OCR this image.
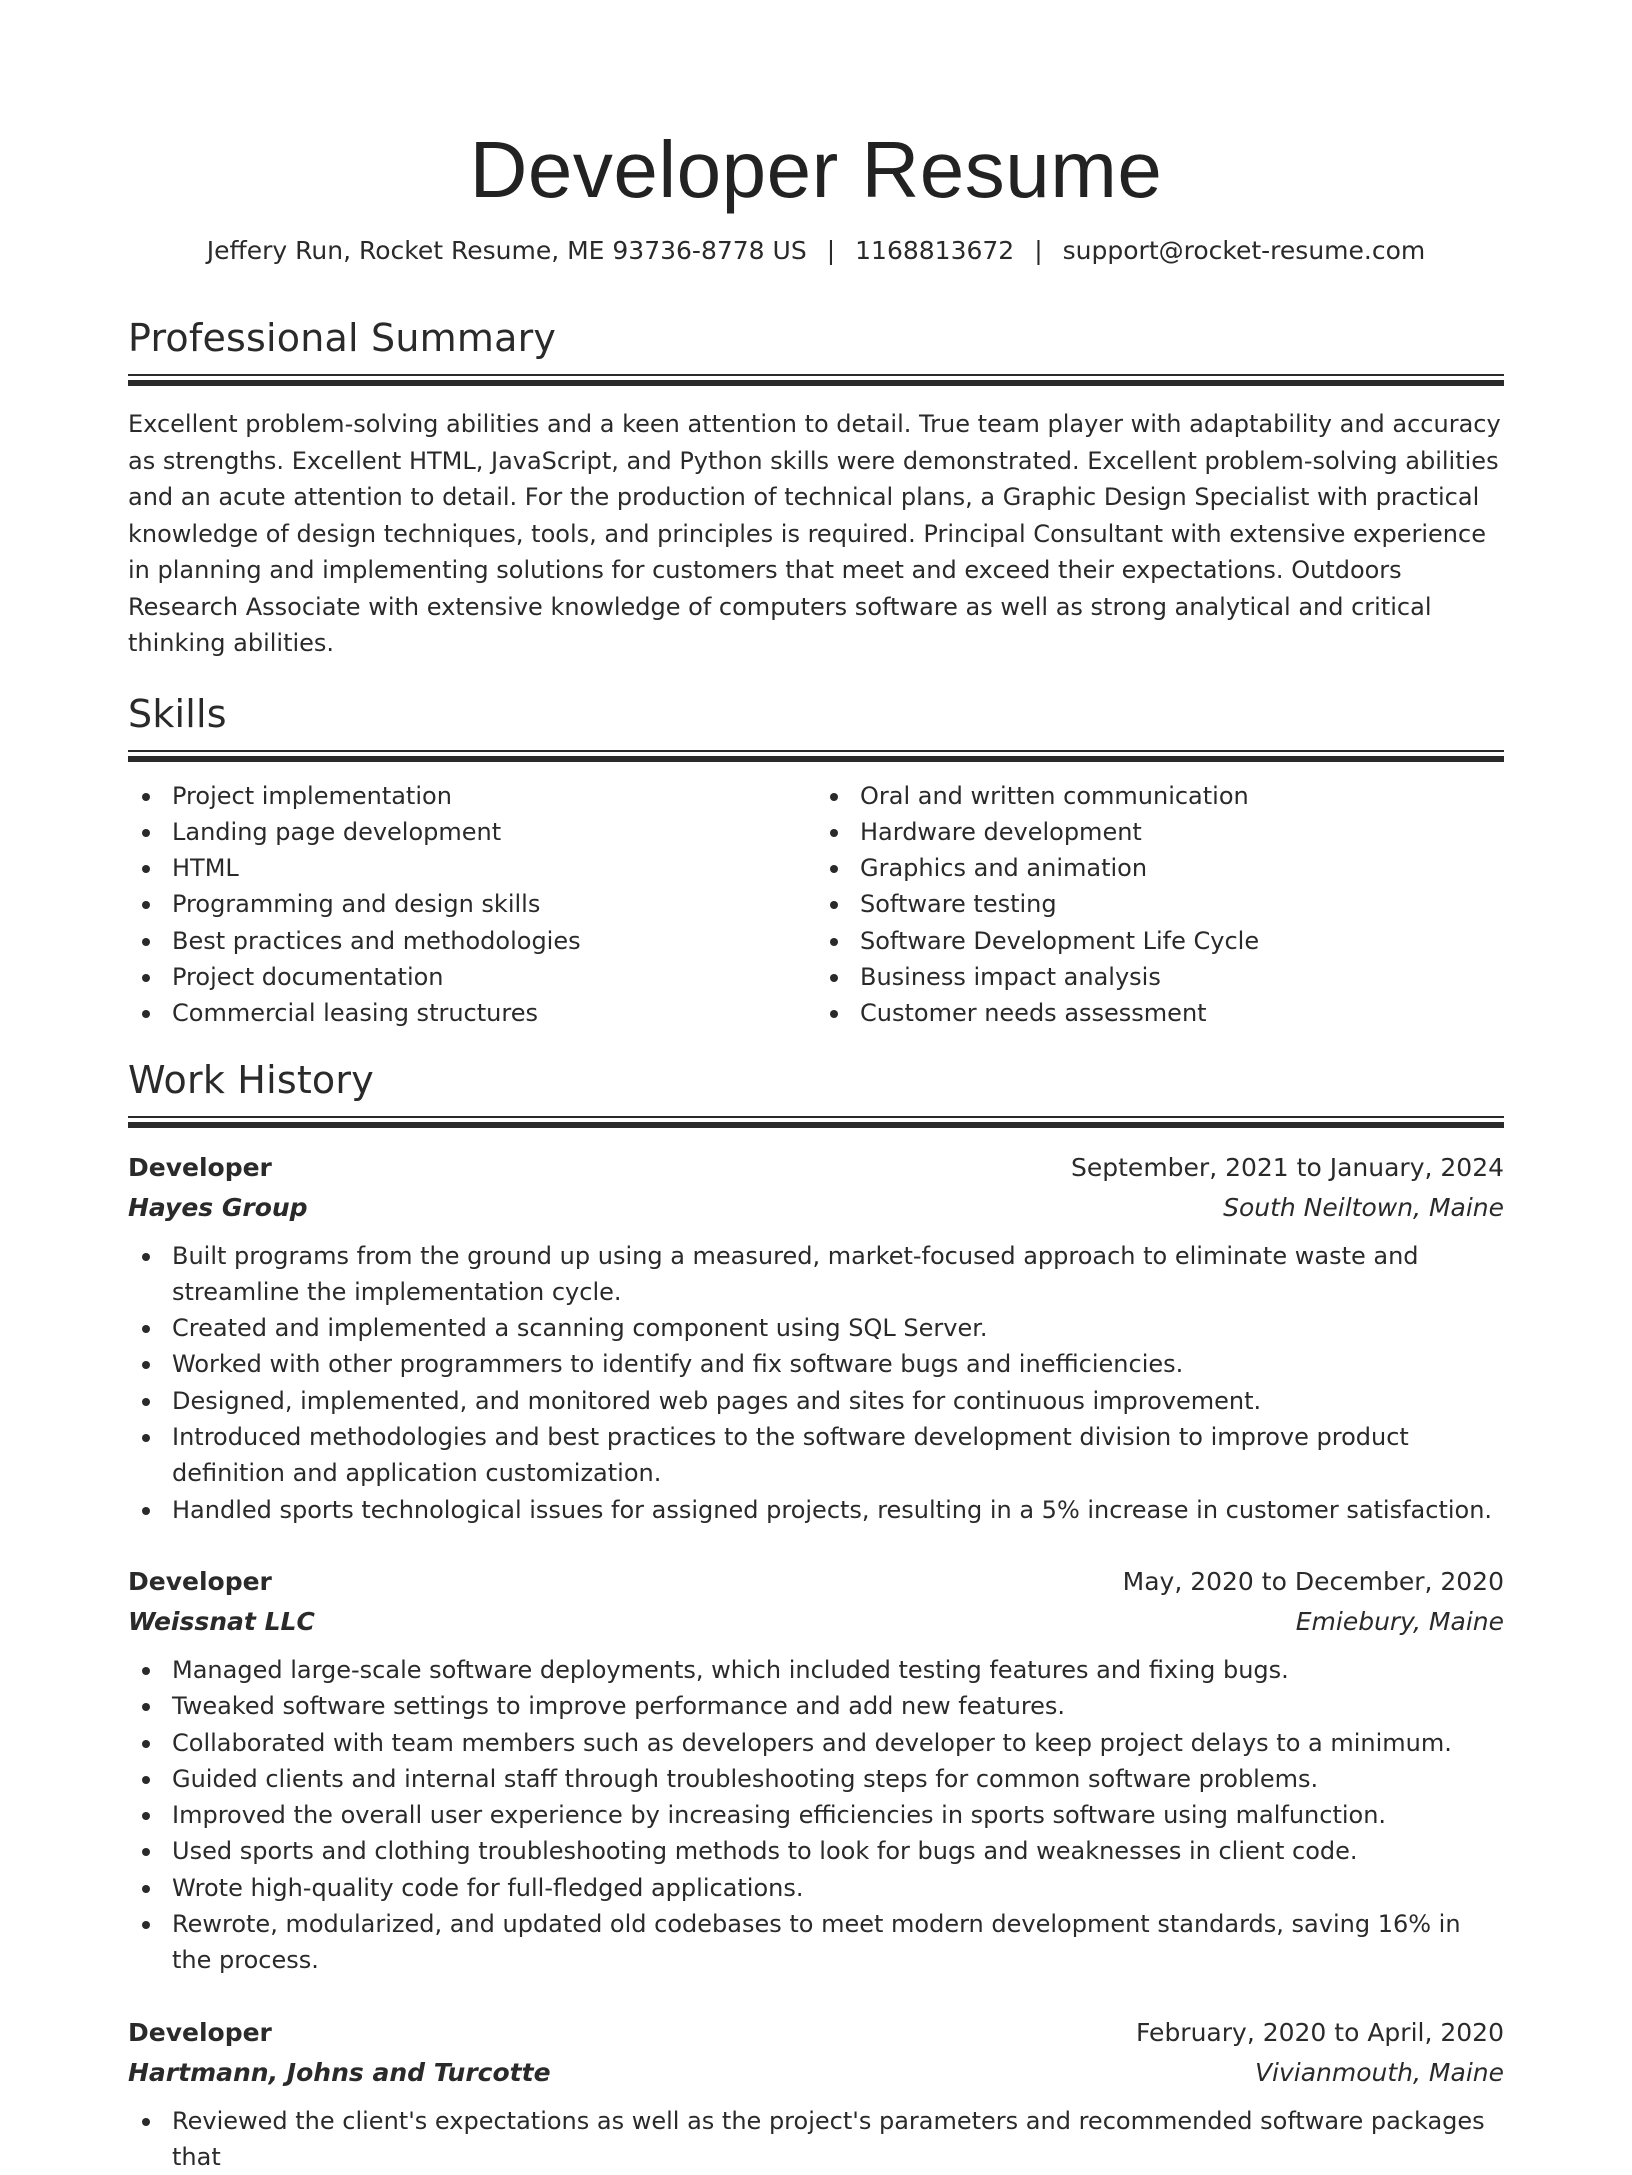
Developer Resume
Jeffery Run, Rocket Resume, ME 93736-8778 US | 1168813672 | support@rocket-resume.com
Professional Summary

Excellent problem-solving abilities and a keen attention to detail. True team player with adaptability and accuracy as strengths. Excellent HTML, JavaScript, and Python skills were demonstrated. Excellent problem-solving abilities and an acute attention to detail. For the production of technical plans, a Graphic Design Specialist with practical knowledge of design techniques, tools, and principles is required. Principal Consultant with extensive experience in planning and implementing solutions for customers that meet and exceed their expectations. Outdoors Research Associate with extensive knowledge of computers software as well as strong analytical and critical thinking abilities.

Skills
Project implementation
Landing page development
HTML
Programming and design skills
Best practices and methodologies
Project documentation
Commercial leasing structures
Oral and written communication
Hardware development
Graphics and animation
Software testing
Software Development Life Cycle
Business impact analysis
Customer needs assessment
Work History
Developer	September, 2021 to January, 2024
Hayes Group	South Neiltown, Maine
Built programs from the ground up using a measured, market-focused approach to eliminate waste and streamline the implementation cycle.
Created and implemented a scanning component using SQL Server.
Worked with other programmers to identify and fix software bugs and inefficiencies.
Designed, implemented, and monitored web pages and sites for continuous improvement.
Introduced methodologies and best practices to the software development division to improve product definition and application customization.
Handled sports technological issues for assigned projects, resulting in a 5% increase in customer satisfaction.
Developer	May, 2020 to December, 2020
Weissnat LLC	Emiebury, Maine
Managed large-scale software deployments, which included testing features and fixing bugs.
Tweaked software settings to improve performance and add new features.
Collaborated with team members such as developers and developer to keep project delays to a minimum.
Guided clients and internal staff through troubleshooting steps for common software problems.
Improved the overall user experience by increasing efficiencies in sports software using malfunction.
Used sports and clothing troubleshooting methods to look for bugs and weaknesses in client code.
Wrote high-quality code for full-fledged applications.
Rewrote, modularized, and updated old codebases to meet modern development standards, saving 16% in the process.
Developer	February, 2020 to April, 2020
Hartmann, Johns and Turcotte	Vivianmouth, Maine
Reviewed the client's expectations as well as the project's parameters and recommended software packages that
